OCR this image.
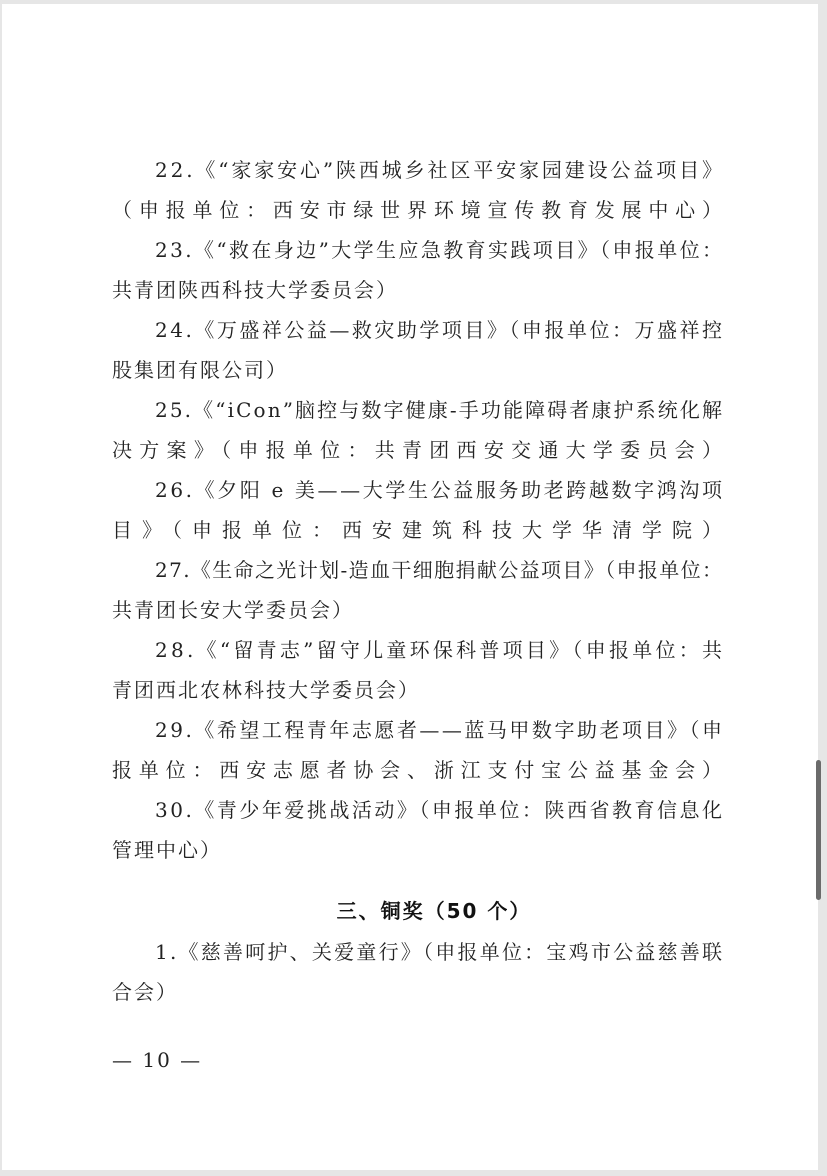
22.《“家家安心”陕西城乡社区平安家园建设公益项目》
（申报单位：西安市绿世界环境宣传教育发展中心）
23.《“救在身边”大学生应急教育实践项目》（申报单位：
共青团陕西科技大学委员会）
24.《万盛祥公益—救灾助学项目》（申报单位：万盛祥控
股集团有限公司）
25.《“iCon”脑控与数字健康-手功能障碍者康护系统化解
决方案》（申报单位：共青团西安交通大学委员会）
26.《夕阳 e 美——大学生公益服务助老跨越数字鸿沟项
目》（申报单位：西安建筑科技大学华清学院）
27.《生命之光计划-造血干细胞捐献公益项目》（申报单位：
共青团长安大学委员会）
28.《“留青志”留守儿童环保科普项目》（申报单位：共
青团西北农林科技大学委员会）
29.《希望工程青年志愿者——蓝马甲数字助老项目》（申
报单位：西安志愿者协会、浙江支付宝公益基金会）
30.《青少年爱挑战活动》（申报单位：陕西省教育信息化
管理中心）
三、铜奖（50 个）
1.《慈善呵护、关爱童行》（申报单位：宝鸡市公益慈善联
合会）
— 10 —
